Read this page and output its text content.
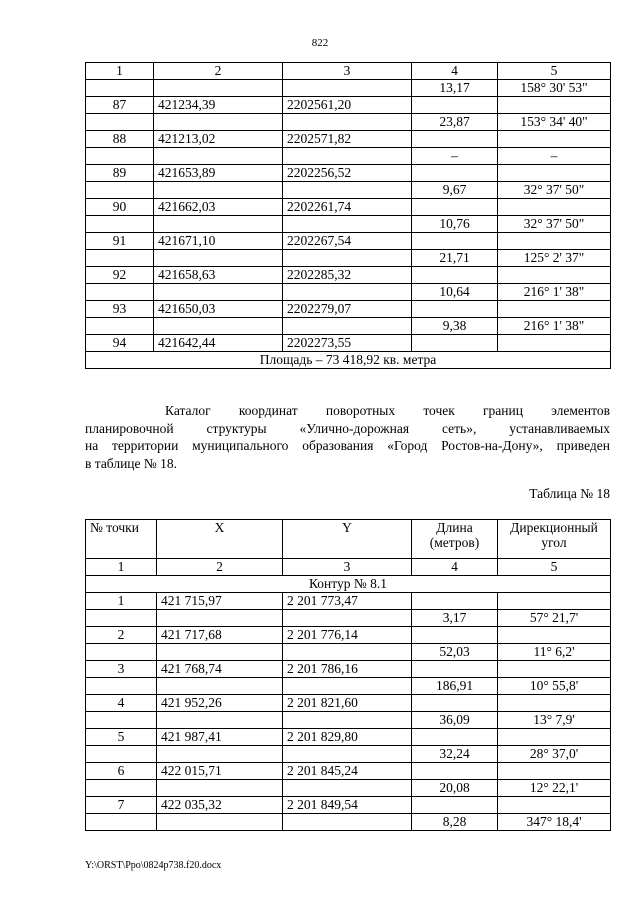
822
1	2	3	4	5
			13,17	158° 30' 53"
87	421234,39	2202561,20		
			23,87	153° 34' 40"
88	421213,02	2202571,82		
			–	–
89	421653,89	2202256,52		
			9,67	32° 37' 50"
90	421662,03	2202261,74		
			10,76	32° 37' 50"
91	421671,10	2202267,54		
			21,71	125° 2' 37"
92	421658,63	2202285,32		
			10,64	216° 1' 38"
93	421650,03	2202279,07		
			9,38	216° 1' 38"
94	421642,44	2202273,55		
Площадь – 73 418,92 кв. метра				
Каталог координат поворотных точек границ элементов
планировочной структуры «Улично-дорожная сеть», устанавливаемых
на территории муниципального образования «Город Ростов-на-Дону», приведен
в таблице № 18.
Таблица № 18
№ точки	X	Y	Длина (метров)	Дирекционный угол
1	2	3	4	5
Контур № 8.1				
1	421 715,97	2 201 773,47		
			3,17	57° 21,7'
2	421 717,68	2 201 776,14		
			52,03	11° 6,2'
3	421 768,74	2 201 786,16		
			186,91	10° 55,8'
4	421 952,26	2 201 821,60		
			36,09	13° 7,9'
5	421 987,41	2 201 829,80		
			32,24	28° 37,0'
6	422 015,71	2 201 845,24		
			20,08	12° 22,1'
7	422 035,32	2 201 849,54		
			8,28	347° 18,4'
Y:\ORST\Ppo\0824p738.f20.docx
